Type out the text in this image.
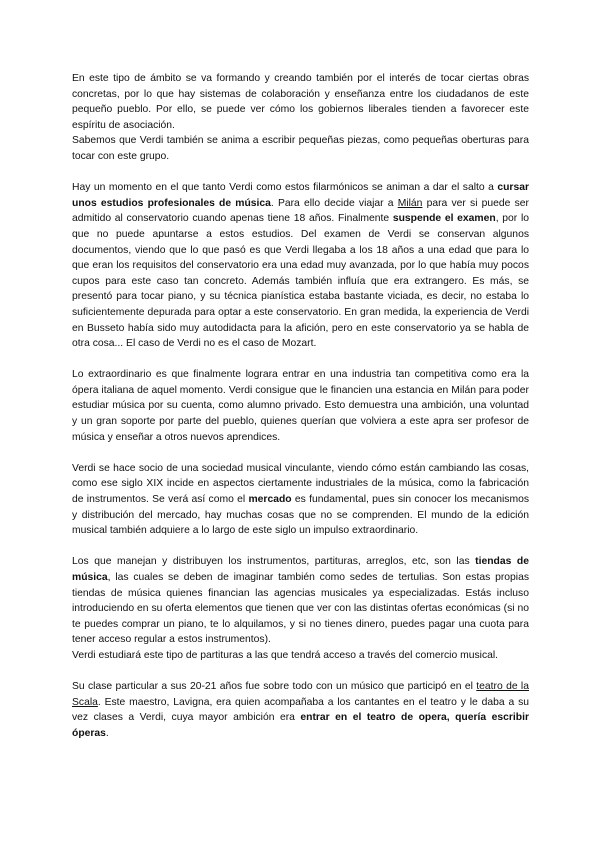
En este tipo de ámbito se va formando y creando también por el interés de tocar ciertas obras concretas, por lo que hay sistemas de colaboración y enseñanza entre los ciudadanos de este pequeño pueblo. Por ello, se puede ver cómo los gobiernos liberales tienden a favorecer este espíritu de asociación.

Sabemos que Verdi también se anima a escribir pequeñas piezas, como pequeñas oberturas para tocar con este grupo.

Hay un momento en el que tanto Verdi como estos filarmónicos se animan a dar el salto a cursar unos estudios profesionales de música. Para ello decide viajar a Milán para ver si puede ser admitido al conservatorio cuando apenas tiene 18 años. Finalmente suspende el examen, por lo que no puede apuntarse a estos estudios. Del examen de Verdi se conservan algunos documentos, viendo que lo que pasó es que Verdi llegaba a los 18 años a una edad que para lo que eran los requisitos del conservatorio era una edad muy avanzada, por lo que había muy pocos cupos para este caso tan concreto. Además también influía que era extrangero. Es más, se presentó para tocar piano, y su técnica pianística estaba bastante viciada, es decir, no estaba lo suficientemente depurada para optar a este conservatorio. En gran medida, la experiencia de Verdi en Busseto había sido muy autodidacta para la afición, pero en este conservatorio ya se habla de otra cosa... El caso de Verdi no es el caso de Mozart.

Lo extraordinario es que finalmente lograra entrar en una industria tan competitiva como era la ópera italiana de aquel momento. Verdi consigue que le financien una estancia en Milán para poder estudiar música por su cuenta, como alumno privado. Esto demuestra una ambición, una voluntad y un gran soporte por parte del pueblo, quienes querían que volviera a este apra ser profesor de música y enseñar a otros nuevos aprendices.

Verdi se hace socio de una sociedad musical vinculante, viendo cómo están cambiando las cosas, como ese siglo XIX incide en aspectos ciertamente industriales de la música, como la fabricación de instrumentos. Se verá así como el mercado es fundamental, pues sin conocer los mecanismos y distribución del mercado, hay muchas cosas que no se comprenden. El mundo de la edición musical también adquiere a lo largo de este siglo un impulso extraordinario.

Los que manejan y distribuyen los instrumentos, partituras, arreglos, etc, son las tiendas de música, las cuales se deben de imaginar también como sedes de tertulias. Son estas propias tiendas de música quienes financian las agencias musicales ya especializadas. Estás incluso introduciendo en su oferta elementos que tienen que ver con las distintas ofertas económicas (si no te puedes comprar un piano, te lo alquilamos, y si no tienes dinero, puedes pagar una cuota para tener acceso regular a estos instrumentos).

Verdi estudiará este tipo de partituras a las que tendrá acceso a través del comercio musical.

Su clase particular a sus 20-21 años fue sobre todo con un músico que participó en el teatro de la Scala. Este maestro, Lavigna, era quien acompañaba a los cantantes en el teatro y le daba a su vez clases a Verdi, cuya mayor ambición era entrar en el teatro de opera, quería escribir óperas.
